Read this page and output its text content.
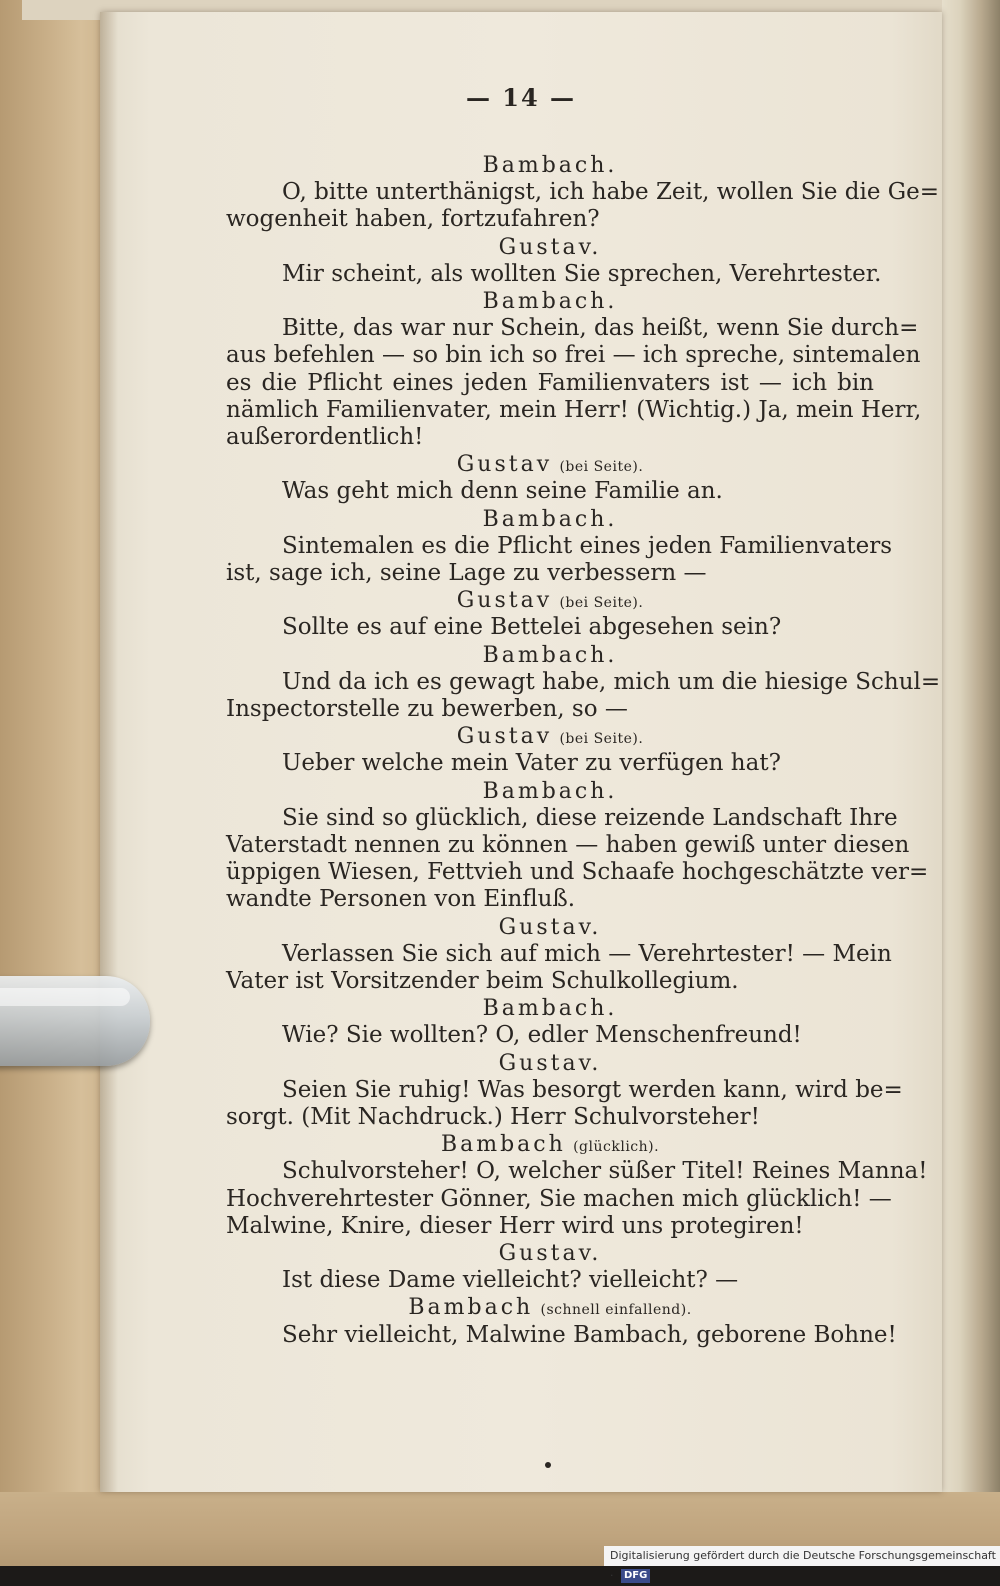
— 14 —
Bambach.
O, bitte unterthänigst, ich habe Zeit, wollen Sie die Ge=
wogenheit haben, fortzufahren?
Gustav.
Mir scheint, als wollten Sie sprechen, Verehrtester.
Bambach.
Bitte, das war nur Schein, das heißt, wenn Sie durch=
aus befehlen — so bin ich so frei — ich spreche, sintemalen
es die Pflicht eines jeden Familienvaters ist — ich bin
nämlich Familienvater, mein Herr! (Wichtig.) Ja, mein Herr,
außerordentlich!
Gustav (bei Seite).
Was geht mich denn seine Familie an.
Bambach.
Sintemalen es die Pflicht eines jeden Familienvaters
ist, sage ich, seine Lage zu verbessern —
Gustav (bei Seite).
Sollte es auf eine Bettelei abgesehen sein?
Bambach.
Und da ich es gewagt habe, mich um die hiesige Schul=
Inspectorstelle zu bewerben, so —
Gustav (bei Seite).
Ueber welche mein Vater zu verfügen hat?
Bambach.
Sie sind so glücklich, diese reizende Landschaft Ihre
Vaterstadt nennen zu können — haben gewiß unter diesen
üppigen Wiesen, Fettvieh und Schaafe hochgeschätzte ver=
wandte Personen von Einfluß.
Gustav.
Verlassen Sie sich auf mich — Verehrtester! — Mein
Vater ist Vorsitzender beim Schulkollegium.
Bambach.
Wie? Sie wollten? O, edler Menschenfreund!
Gustav.
Seien Sie ruhig! Was besorgt werden kann, wird be=
sorgt. (Mit Nachdruck.) Herr Schulvorsteher!
Bambach (glücklich).
Schulvorsteher! O, welcher süßer Titel! Reines Manna!
Hochverehrtester Gönner, Sie machen mich glücklich! —
Malwine, Knire, dieser Herr wird uns protegiren!
Gustav.
Ist diese Dame vielleicht? vielleicht? —
Bambach (schnell einfallend).
Sehr vielleicht, Malwine Bambach, geborene Bohne!
Digitalisierung gefördert durch die Deutsche Forschungsgemeinschaft · DFG
